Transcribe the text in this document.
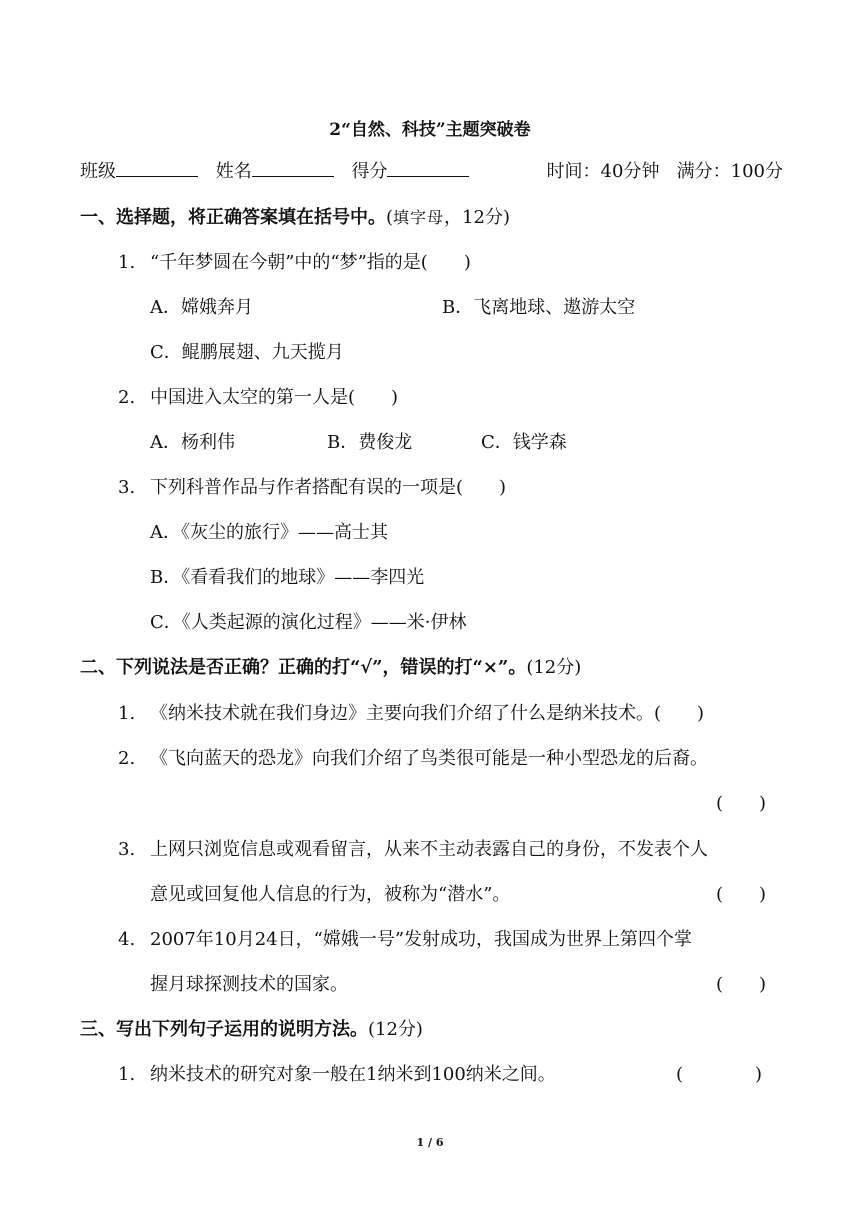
2“自然、科技”主题突破卷
班级	姓名	得分	时间：40分钟 满分：100分
一、选择题，将正确答案填在括号中。(填字母，12分)
1. “千年梦圆在今朝”中的“梦”指的是(　　)
A．嫦娥奔月	B．飞离地球、遨游太空
C．鲲鹏展翅、九天揽月
2. 中国进入太空的第一人是(　　)
A．杨利伟	B．费俊龙	C．钱学森
3. 下列科普作品与作者搭配有误的一项是(　　)
A．《灰尘的旅行》——高士其
B．《看看我们的地球》——李四光
C．《人类起源的演化过程》——米·伊林
二、下列说法是否正确？正确的打“√”，错误的打“×”。(12分)
1. 《纳米技术就在我们身边》主要向我们介绍了什么是纳米技术。(　　)
2. 《飞向蓝天的恐龙》向我们介绍了鸟类很可能是一种小型恐龙的后裔。
(　　)
3. 上网只浏览信息或观看留言，从来不主动表露自己的身份，不发表个人
意见或回复他人信息的行为，被称为“潜水”。	(　　)
4. 2007年10月24日，“嫦娥一号”发射成功，我国成为世界上第四个掌
握月球探测技术的国家。	(　　)
三、写出下列句子运用的说明方法。(12分)
1. 纳米技术的研究对象一般在1纳米到100纳米之间。	(　　　　)
1 / 6
